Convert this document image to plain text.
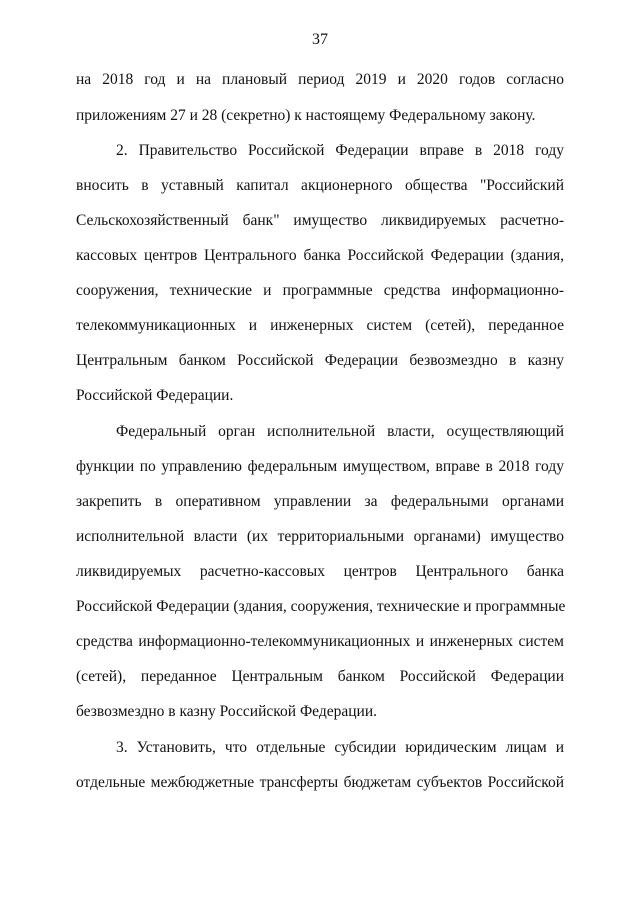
37
на 2018 год и на плановый период 2019 и 2020 годов согласно
приложениям 27 и 28 (секретно) к настоящему Федеральному закону.
2. Правительство Российской Федерации вправе в 2018 году
вносить в уставный капитал акционерного общества "Российский
Сельскохозяйственный банк" имущество ликвидируемых расчетно-
кассовых центров Центрального банка Российской Федерации (здания,
сооружения, технические и программные средства информационно-
телекоммуникационных и инженерных систем (сетей), переданное
Центральным банком Российской Федерации безвозмездно в казну
Российской Федерации.
Федеральный орган исполнительной власти, осуществляющий
функции по управлению федеральным имуществом, вправе в 2018 году
закрепить в оперативном управлении за федеральными органами
исполнительной власти (их территориальными органами) имущество
ликвидируемых расчетно-кассовых центров Центрального банка
Российской Федерации (здания, сооружения, технические и программные
средства информационно-телекоммуникационных и инженерных систем
(сетей), переданное Центральным банком Российской Федерации
безвозмездно в казну Российской Федерации.
3. Установить, что отдельные субсидии юридическим лицам и
отдельные межбюджетные трансферты бюджетам субъектов Российской
